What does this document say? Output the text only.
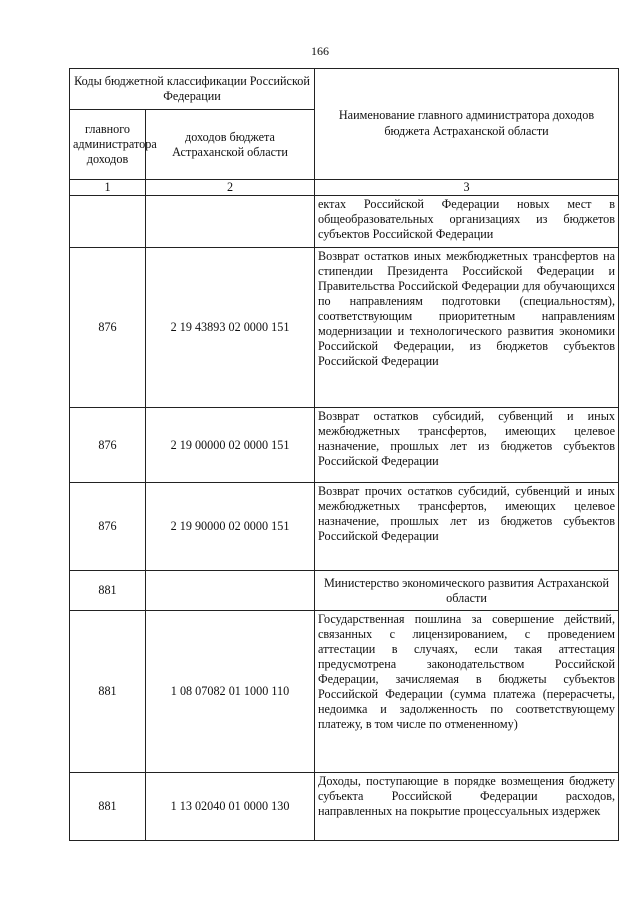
166
Коды бюджетной классификации Российской Федерации		Наименование главного администратора доходов бюджета Астраханской области
главного администратора доходов	доходов бюджета Астраханской области	
1	2	3
		ектах Российской Федерации новых мест в общеобразовательных организациях из бюджетов субъектов Российской Федерации
876	2 19 43893 02 0000 151	Возврат остатков иных межбюджетных трансфертов на стипендии Президента Российской Федерации и Правительства Российской Федерации для обучающихся по направлениям подготовки (специальностям), соответствующим приоритетным направлениям модернизации и технологического развития экономики Российской Федерации, из бюджетов субъектов Российской Федерации
876	2 19 00000 02 0000 151	Возврат остатков субсидий, субвенций и иных межбюджетных трансфертов, имеющих целевое назначение, прошлых лет из бюджетов субъектов Российской Федерации
876	2 19 90000 02 0000 151	Возврат прочих остатков субсидий, субвенций и иных межбюджетных трансфертов, имеющих целевое назначение, прошлых лет из бюджетов субъектов Российской Федерации
881		Министерство экономического развития Астраханской области
881	1 08 07082 01 1000 110	Государственная пошлина за совершение действий, связанных с лицензированием, с проведением аттестации в случаях, если такая аттестация предусмотрена законодательством Российской Федерации, зачисляемая в бюджеты субъектов Российской Федерации (сумма платежа (перерасчеты, недоимка и задолженность по соответствующему платежу, в том числе по отмененному)
881	1 13 02040 01 0000 130	Доходы, поступающие в порядке возмещения бюджету субъекта Российской Федерации расходов, направленных на покрытие процессуальных издержек
